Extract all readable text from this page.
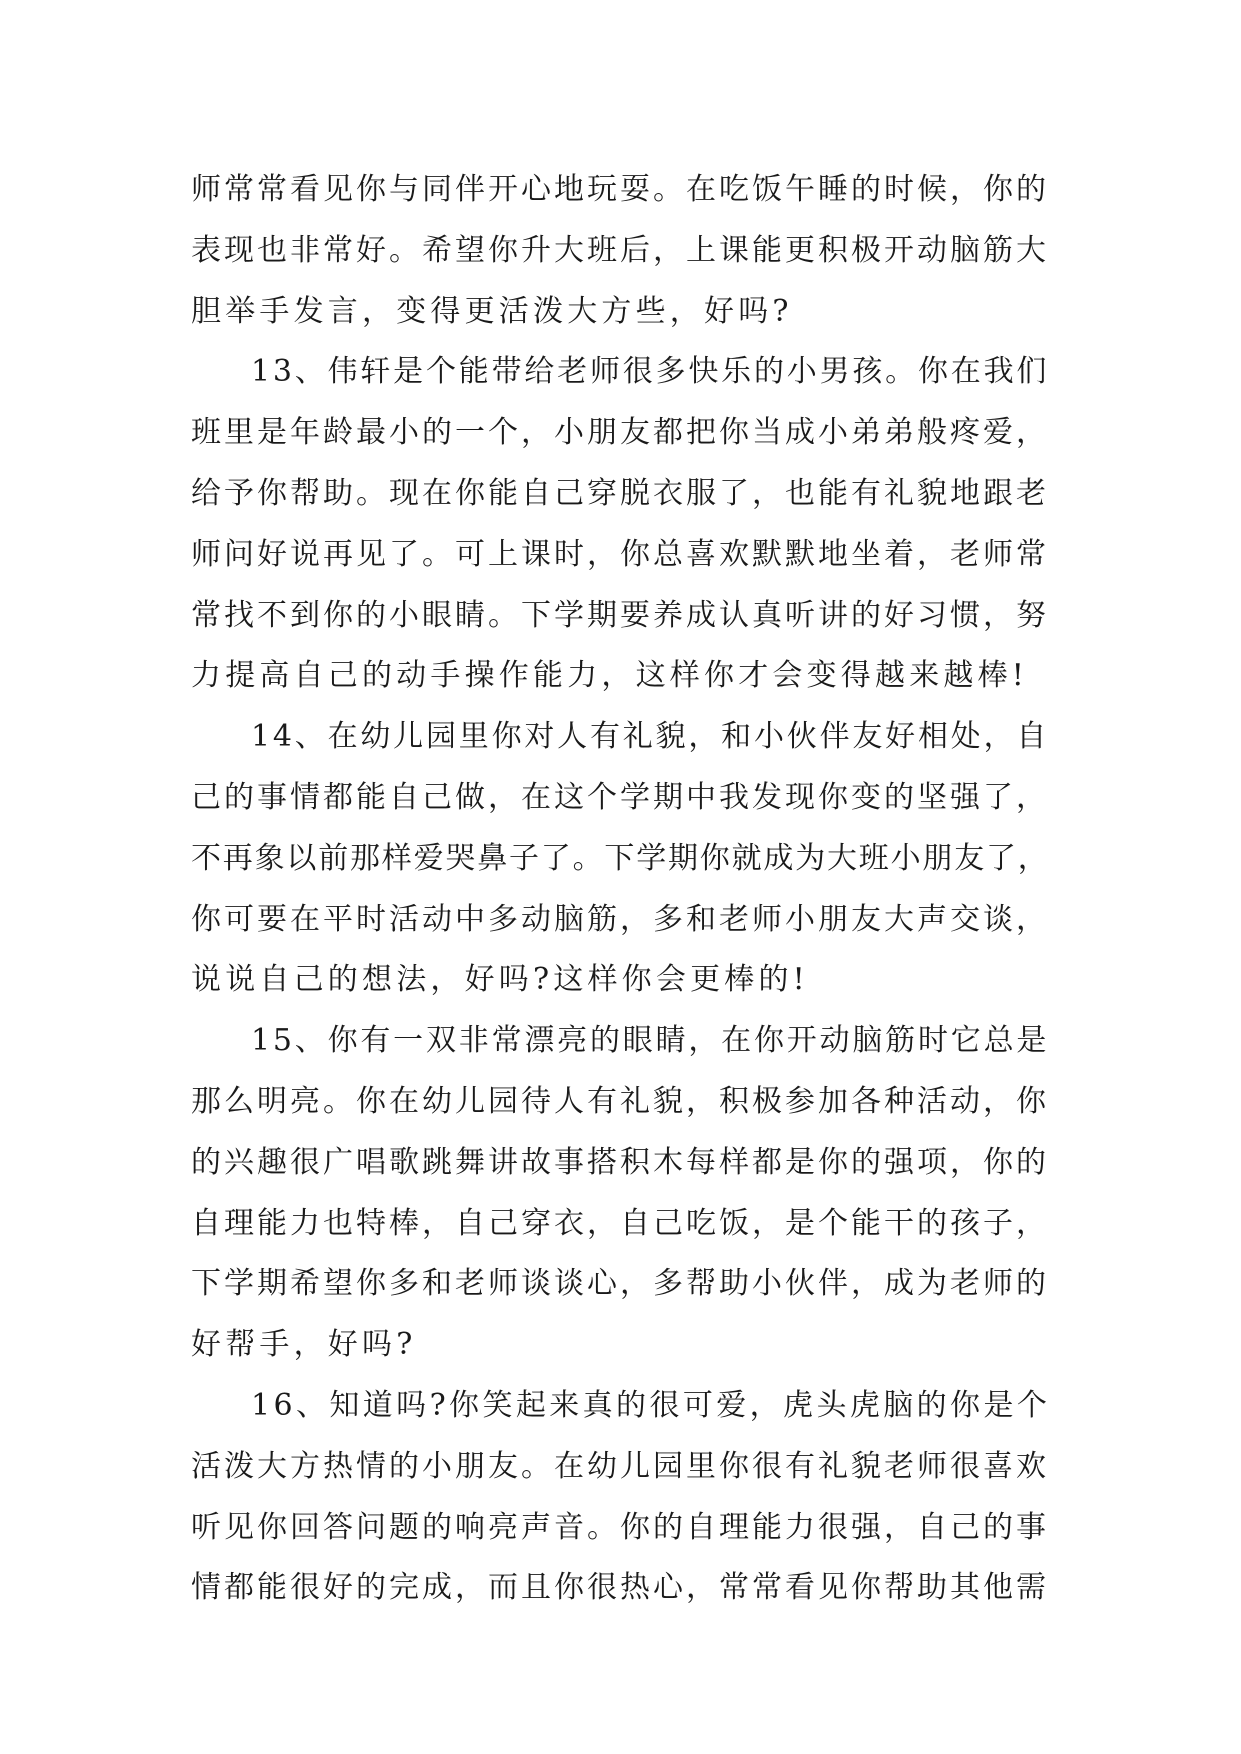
师常常看见你与同伴开心地玩耍。在吃饭午睡的时候，你的
表现也非常好。希望你升大班后，上课能更积极开动脑筋大
胆举手发言，变得更活泼大方些，好吗?
13、伟轩是个能带给老师很多快乐的小男孩。你在我们
班里是年龄最小的一个，小朋友都把你当成小弟弟般疼爱，
给予你帮助。现在你能自己穿脱衣服了，也能有礼貌地跟老
师问好说再见了。可上课时，你总喜欢默默地坐着，老师常
常找不到你的小眼睛。下学期要养成认真听讲的好习惯，努
力提高自己的动手操作能力，这样你才会变得越来越棒!
14、在幼儿园里你对人有礼貌，和小伙伴友好相处，自
己的事情都能自己做，在这个学期中我发现你变的坚强了，
不再象以前那样爱哭鼻子了。下学期你就成为大班小朋友了，
你可要在平时活动中多动脑筋，多和老师小朋友大声交谈，
说说自己的想法，好吗?这样你会更棒的!
15、你有一双非常漂亮的眼睛，在你开动脑筋时它总是
那么明亮。你在幼儿园待人有礼貌，积极参加各种活动，你
的兴趣很广唱歌跳舞讲故事搭积木每样都是你的强项，你的
自理能力也特棒，自己穿衣，自己吃饭，是个能干的孩子，
下学期希望你多和老师谈谈心，多帮助小伙伴，成为老师的
好帮手，好吗?
16、知道吗?你笑起来真的很可爱，虎头虎脑的你是个
活泼大方热情的小朋友。在幼儿园里你很有礼貌老师很喜欢
听见你回答问题的响亮声音。你的自理能力很强，自己的事
情都能很好的完成，而且你很热心，常常看见你帮助其他需
